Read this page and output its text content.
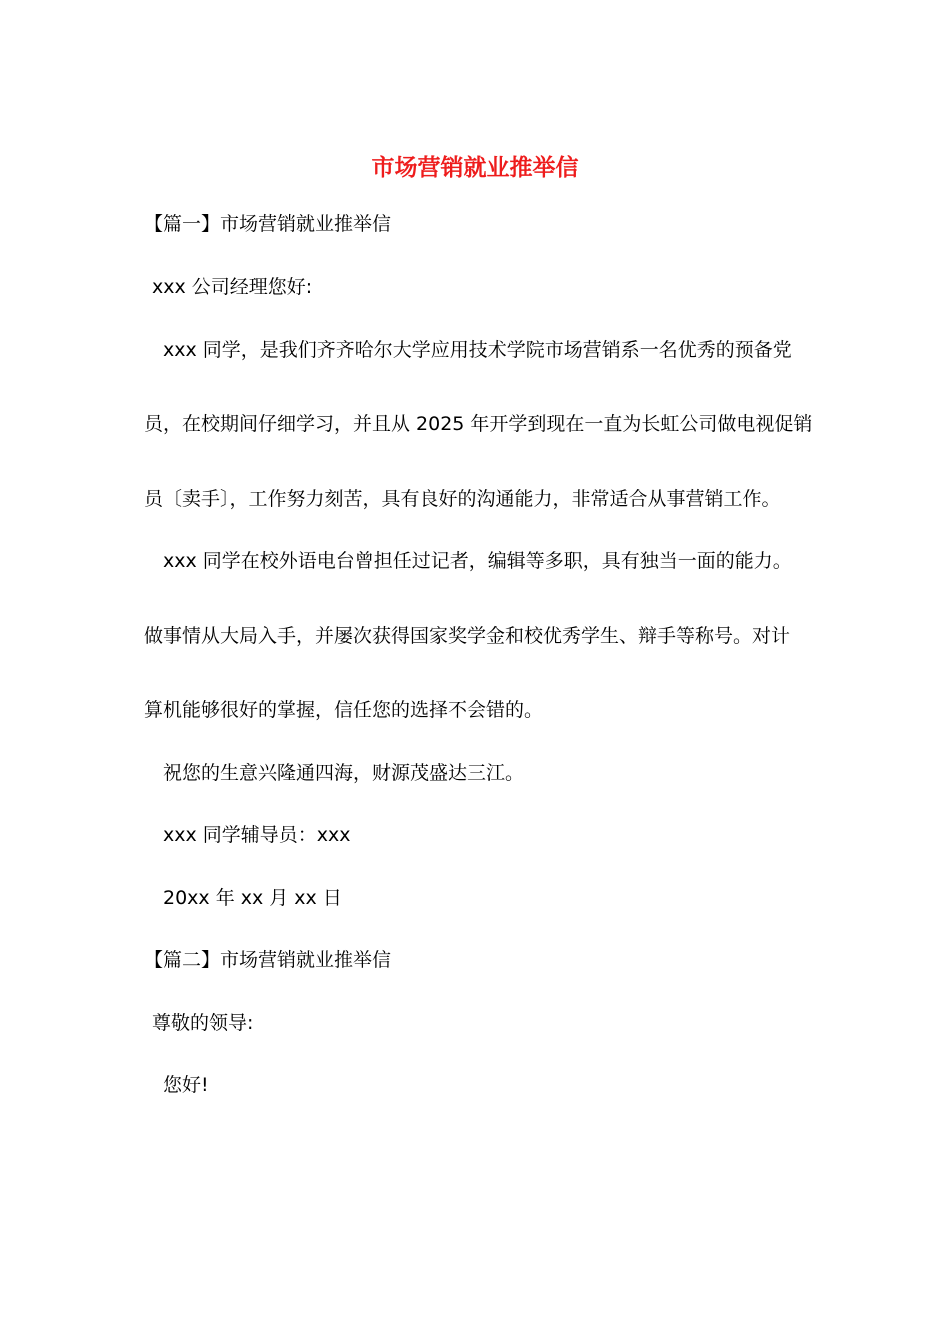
市场营销就业推举信
【篇一】市场营销就业推举信
xxx 公司经理您好:
xxx 同学，是我们齐齐哈尔大学应用技术学院市场营销系一名优秀的预备党
员，在校期间仔细学习，并且从 2025 年开学到现在一直为长虹公司做电视促销
员〔卖手〕，工作努力刻苦，具有良好的沟通能力，非常适合从事营销工作。
xxx 同学在校外语电台曾担任过记者，编辑等多职，具有独当一面的能力。
做事情从大局入手，并屡次获得国家奖学金和校优秀学生、辩手等称号。对计
算机能够很好的掌握，信任您的选择不会错的。
祝您的生意兴隆通四海，财源茂盛达三江。
xxx 同学辅导员：xxx
20xx 年 xx 月 xx 日
【篇二】市场营销就业推举信
尊敬的领导:
您好!
